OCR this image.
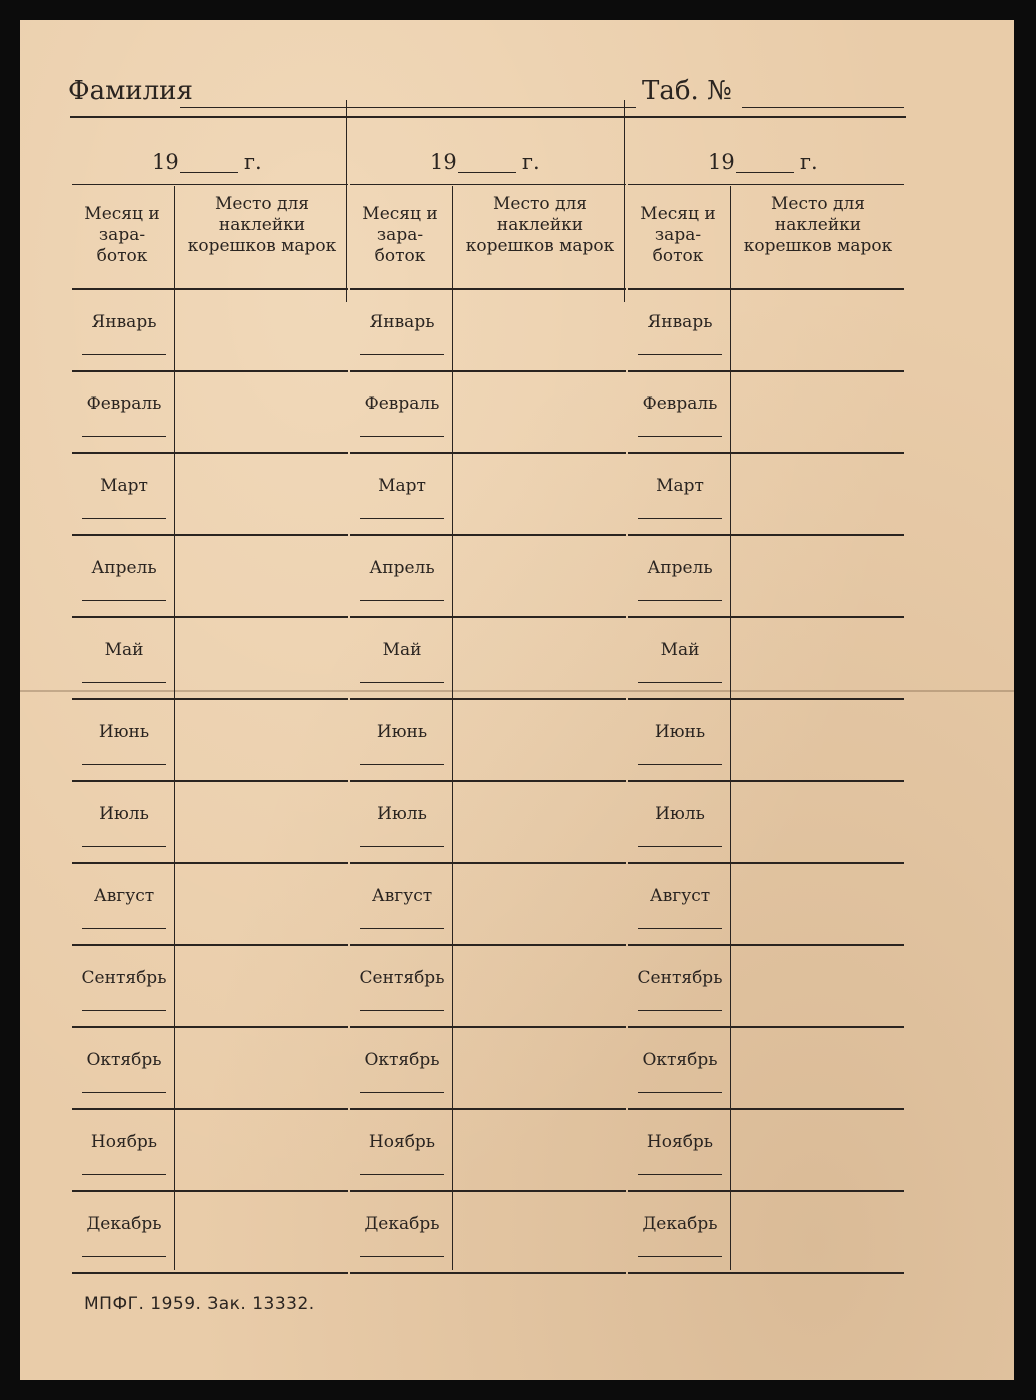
Фамилия	Таб. №
19	г.
Месяц и зара- боток
Место для наклейки корешков марок
Январь
Февраль
Март
Апрель
Май
Июнь
Июль
Август
Сентябрь
Октябрь
Ноябрь
Декабрь
19	г.
Месяц и зара- боток
Место для наклейки корешков марок
Январь
Февраль
Март
Апрель
Май
Июнь
Июль
Август
Сентябрь
Октябрь
Ноябрь
Декабрь
19	г.
Месяц и зара- боток
Место для наклейки корешков марок
Январь
Февраль
Март
Апрель
Май
Июнь
Июль
Август
Сентябрь
Октябрь
Ноябрь
Декабрь
МПФГ. 1959. Зак. 13332.
